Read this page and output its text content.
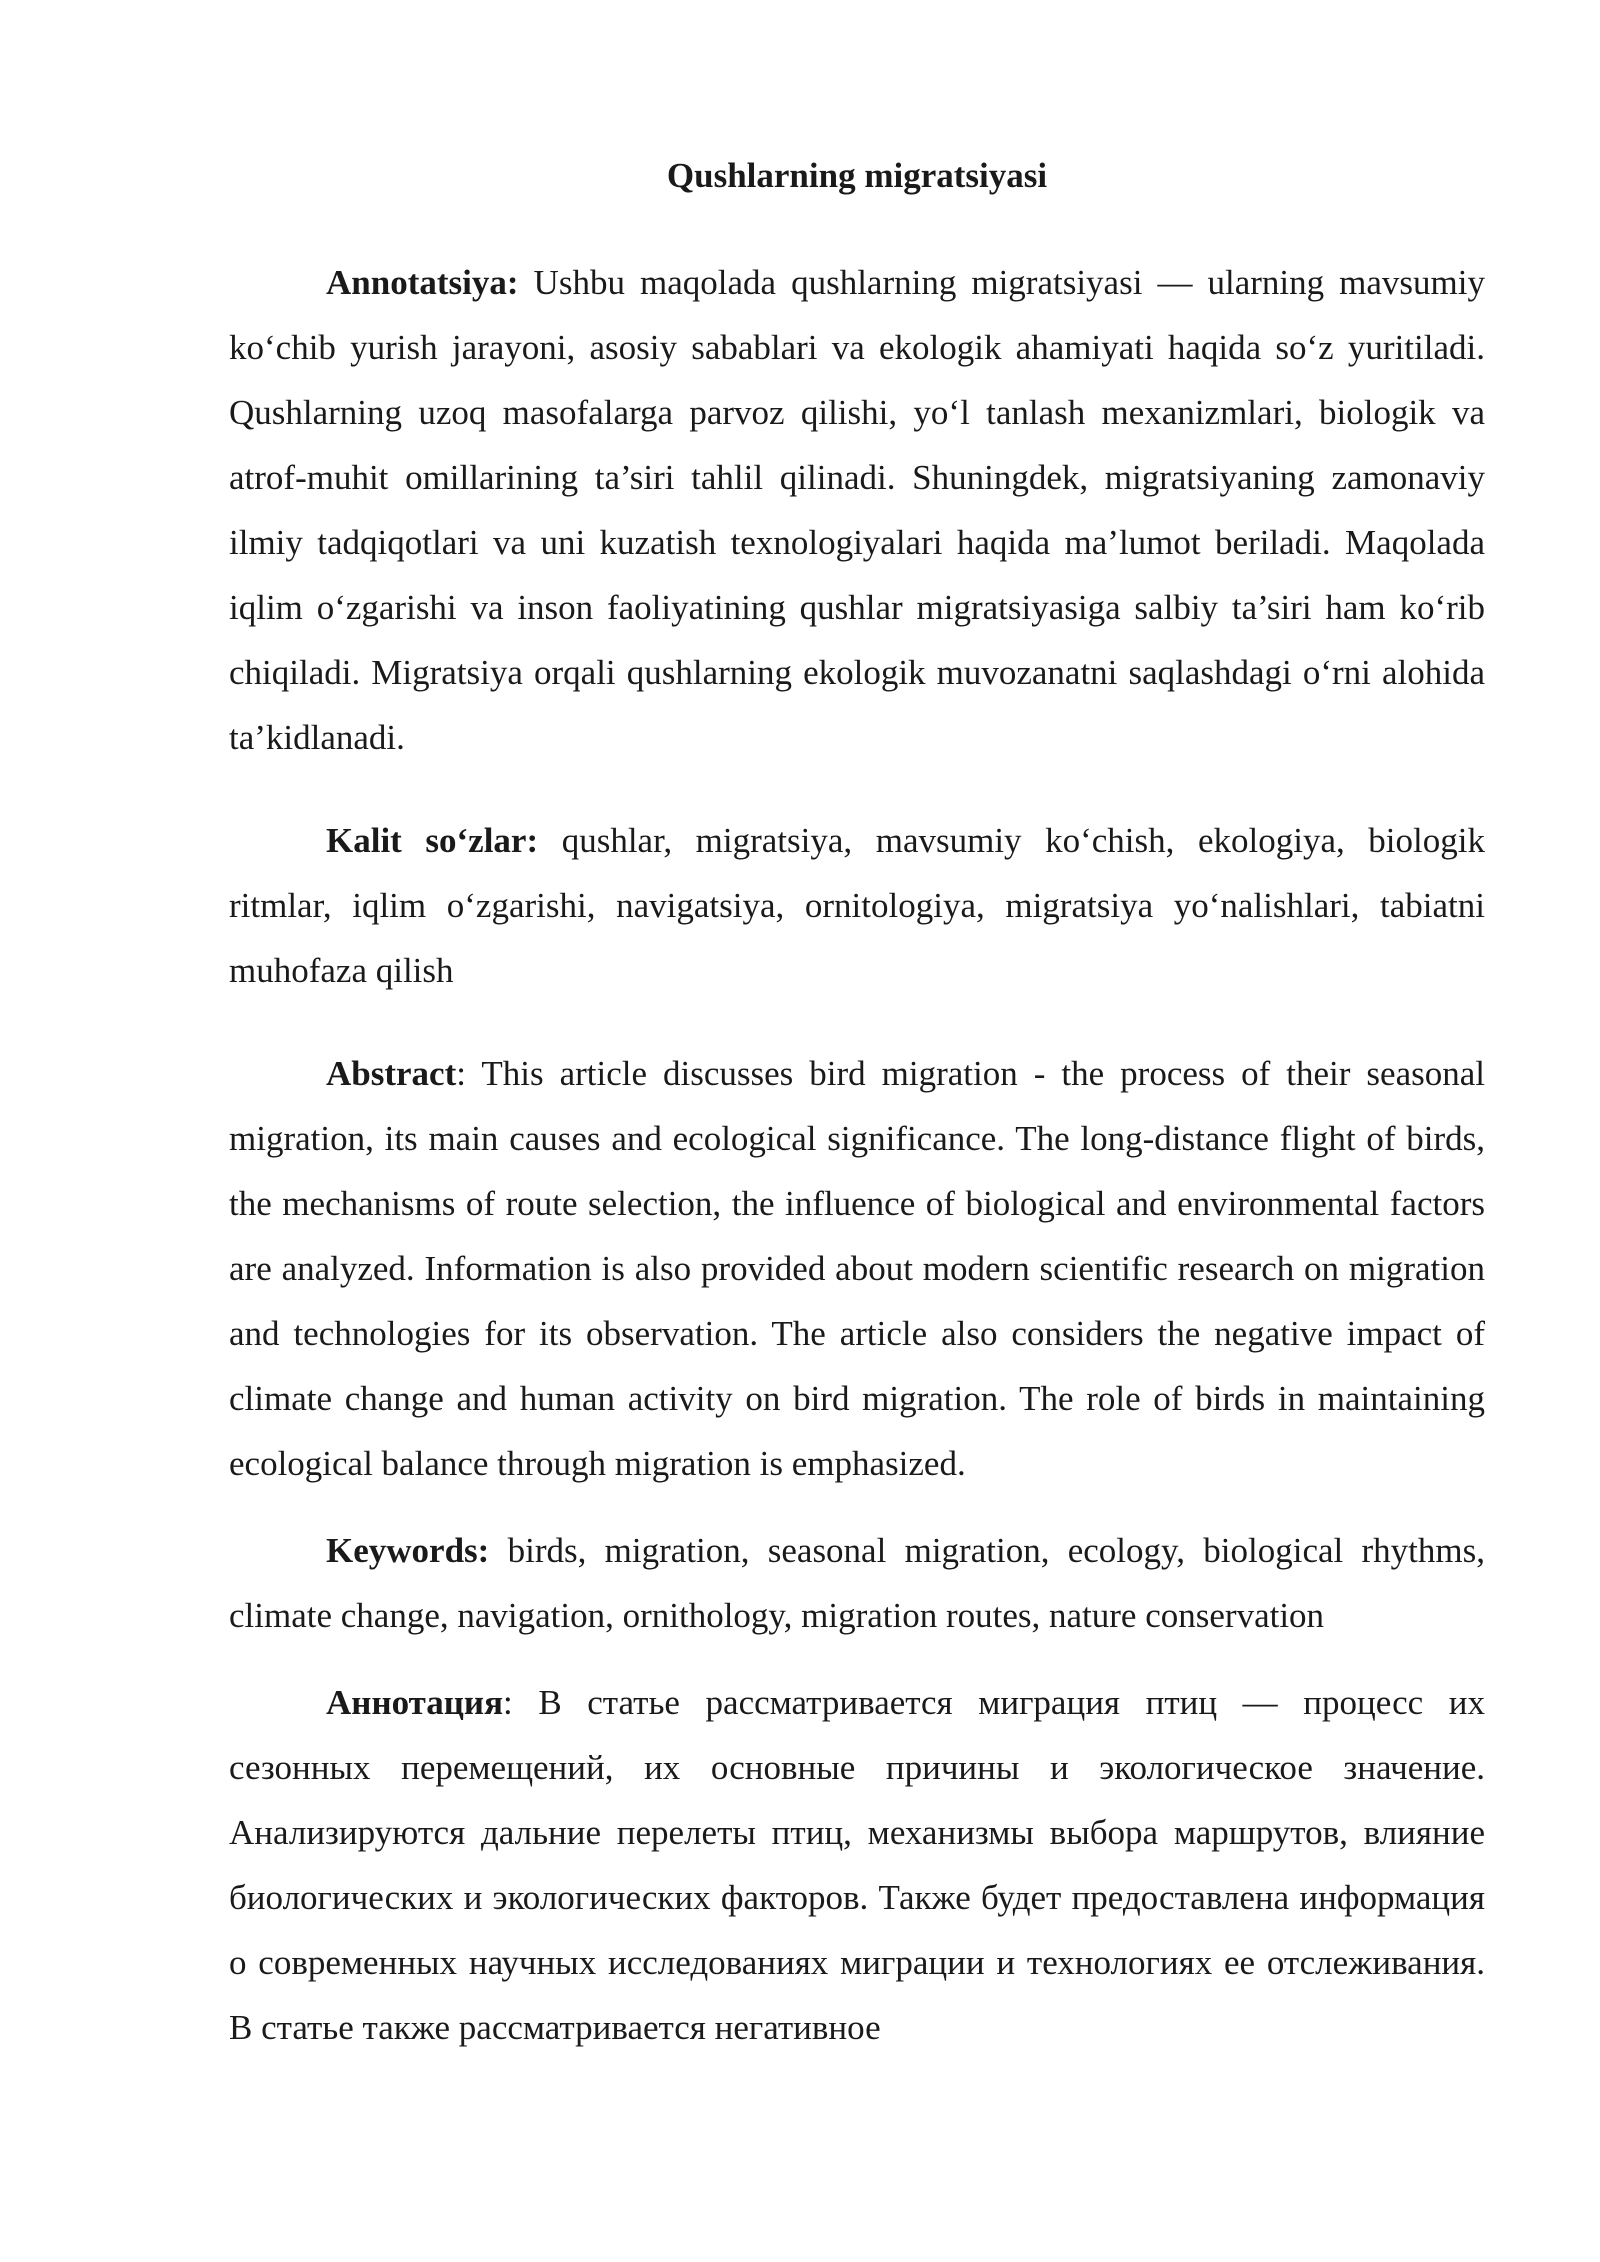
Qushlarning migratsiyasi

Annotatsiya: Ushbu maqolada qushlarning migratsiyasi — ularning mavsumiy ko‘chib yurish jarayoni, asosiy sabablari va ekologik ahamiyati haqida so‘z yuritiladi. Qushlarning uzoq masofalarga parvoz qilishi, yo‘l tanlash mexanizmlari, biologik va atrof-muhit omillarining ta’siri tahlil qilinadi. Shuningdek, migratsiyaning zamonaviy ilmiy tadqiqotlari va uni kuzatish texnologiyalari haqida ma’lumot beriladi. Maqolada iqlim o‘zgarishi va inson faoliyatining qushlar migratsiyasiga salbiy ta’siri ham ko‘rib chiqiladi. Migratsiya orqali qushlarning ekologik muvozanatni saqlashdagi o‘rni alohida ta’kidlanadi.

Kalit so‘zlar: qushlar, migratsiya, mavsumiy ko‘chish, ekologiya, biologik ritmlar, iqlim o‘zgarishi, navigatsiya, ornitologiya, migratsiya yo‘nalishlari, tabiatni muhofaza qilish

Abstract: This article discusses bird migration - the process of their seasonal migration, its main causes and ecological significance. The long-distance flight of birds, the mechanisms of route selection, the influence of biological and environmental factors are analyzed. Information is also provided about modern scientific research on migration and technologies for its observation. The article also considers the negative impact of climate change and human activity on bird migration. The role of birds in maintaining ecological balance through migration is emphasized.

Keywords: birds, migration, seasonal migration, ecology, biological rhythms, climate change, navigation, ornithology, migration routes, nature conservation

Аннотация: В статье рассматривается миграция птиц — процесс их сезонных перемещений, их основные причины и экологическое значение. Анализируются дальние перелеты птиц, механизмы выбора маршрутов, влияние биологических и экологических факторов. Также будет предоставлена информация о современных научных исследованиях миграции и технологиях ее отслеживания. В статье также рассматривается негативное
